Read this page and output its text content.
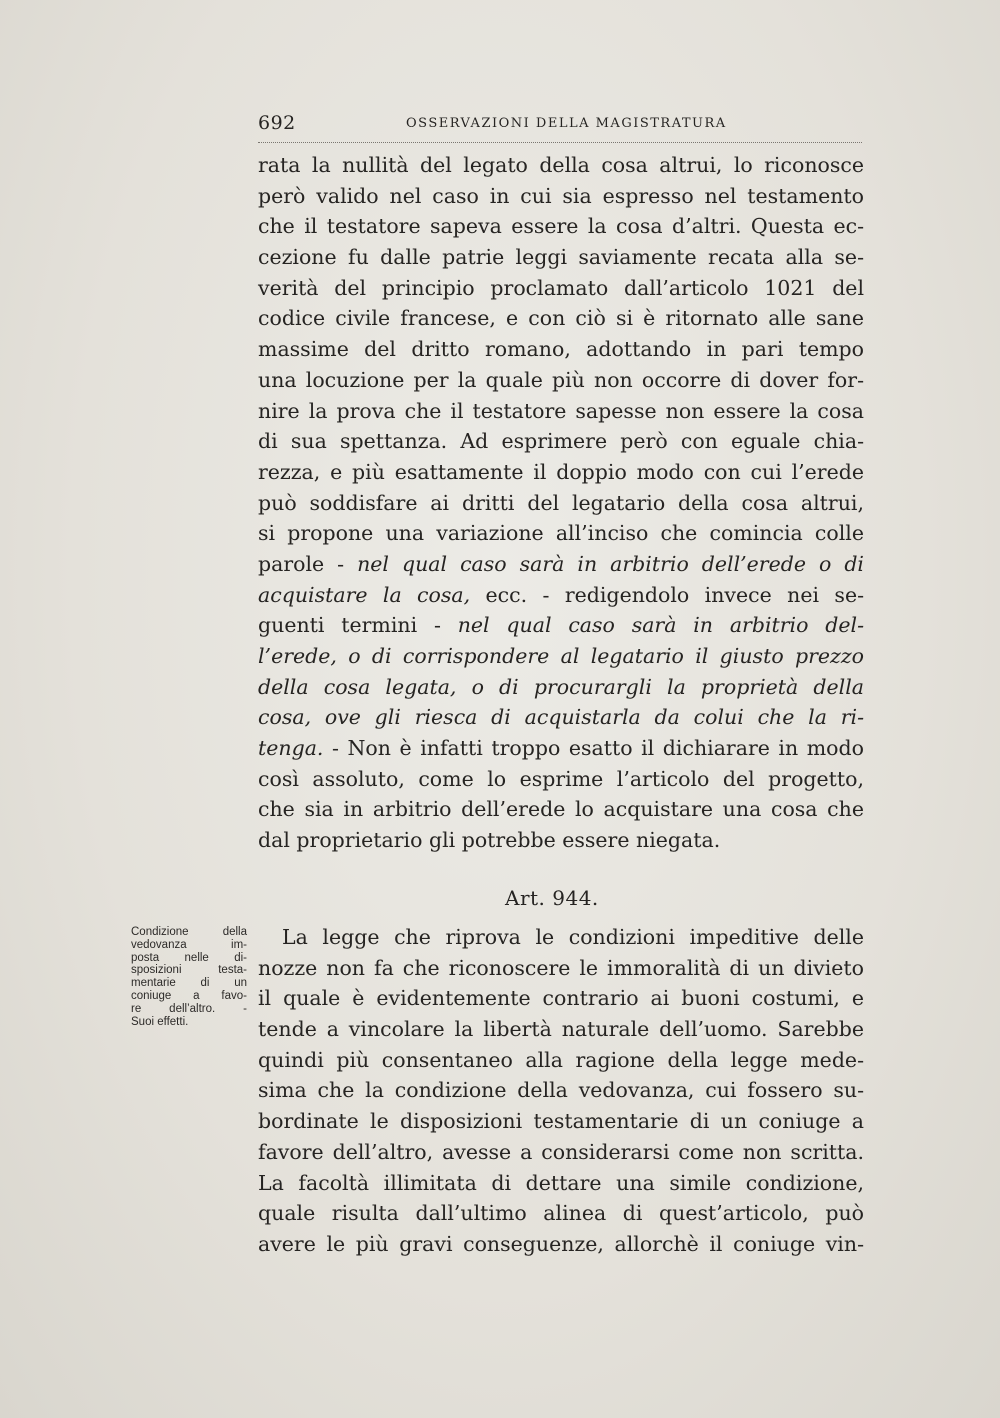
692	OSSERVAZIONI DELLA MAGISTRATURA
rata la nullità del legato della cosa altrui, lo riconosce
però valido nel caso in cui sia espresso nel testamento
che il testatore sapeva essere la cosa d’altri. Questa ec-
cezione fu dalle patrie leggi saviamente recata alla se-
verità del principio proclamato dall’articolo 1021 del
codice civile francese, e con ciò si è ritornato alle sane
massime del dritto romano, adottando in pari tempo
una locuzione per la quale più non occorre di dover for-
nire la prova che il testatore sapesse non essere la cosa
di sua spettanza. Ad esprimere però con eguale chia-
rezza, e più esattamente il doppio modo con cui l’erede
può soddisfare ai dritti del legatario della cosa altrui,
si propone una variazione all’inciso che comincia colle
parole - nel qual caso sarà in arbitrio dell’erede o di
acquistare la cosa, ecc. - redigendolo invece nei se-
guenti termini - nel qual caso sarà in arbitrio del-
l’erede, o di corrispondere al legatario il giusto prezzo
della cosa legata, o di procurargli la proprietà della
cosa, ove gli riesca di acquistarla da colui che la ri-
tenga. - Non è infatti troppo esatto il dichiarare in modo
così assoluto, come lo esprime l’articolo del progetto,
che sia in arbitrio dell’erede lo acquistare una cosa che
dal proprietario gli potrebbe essere niegata.
Art. 944.
Condizione della
vedovanza im-
posta nelle di-
sposizioni testa-
mentarie di un
coniuge a favo-
re dell’altro. -
Suoi effetti.
La legge che riprova le condizioni impeditive delle
nozze non fa che riconoscere le immoralità di un divieto
il quale è evidentemente contrario ai buoni costumi, e
tende a vincolare la libertà naturale dell’uomo. Sarebbe
quindi più consentaneo alla ragione della legge mede-
sima che la condizione della vedovanza, cui fossero su-
bordinate le disposizioni testamentarie di un coniuge a
favore dell’altro, avesse a considerarsi come non scritta.
La facoltà illimitata di dettare una simile condizione,
quale risulta dall’ultimo alinea di quest’articolo, può
avere le più gravi conseguenze, allorchè il coniuge vin-
